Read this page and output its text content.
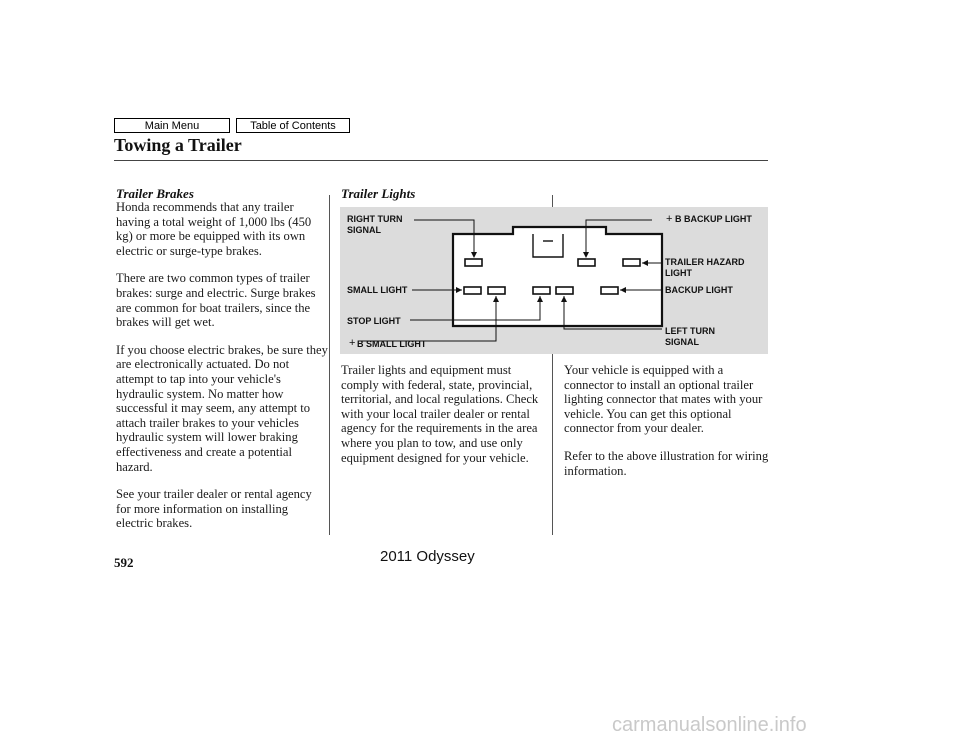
Main Menu	Table of Contents
Towing a Trailer
Trailer Brakes

Honda recommends that any trailer having a total weight of 1,000 lbs (450 kg) or more be equipped with its own electric or surge-type brakes.

There are two common types of trailer brakes: surge and electric. Surge brakes are common for boat trailers, since the brakes will get wet.

If you choose electric brakes, be sure they are electronically actuated. Do not attempt to tap into your vehicle's hydraulic system. No matter how successful it may seem, any attempt to attach trailer brakes to your vehicles hydraulic system will lower braking effectiveness and create a potential hazard.

See your trailer dealer or rental agency for more information on installing electric brakes.

Trailer Lights
RIGHT TURN
SIGNAL
SMALL LIGHT
STOP LIGHT
+ B SMALL LIGHT
+ B BACKUP LIGHT
TRAILER HAZARD
LIGHT
BACKUP LIGHT
LEFT TURN
SIGNAL

Trailer lights and equipment must comply with federal, state, provincial, territorial, and local regulations. Check with your local trailer dealer or rental agency for the requirements in the area where you plan to tow, and use only equipment designed for your vehicle.

Your vehicle is equipped with a connector to install an optional trailer lighting connector that mates with your vehicle. You can get this optional connector from your dealer.

Refer to the above illustration for wiring information.

592	2011 Odyssey
carmanualsonline.info
